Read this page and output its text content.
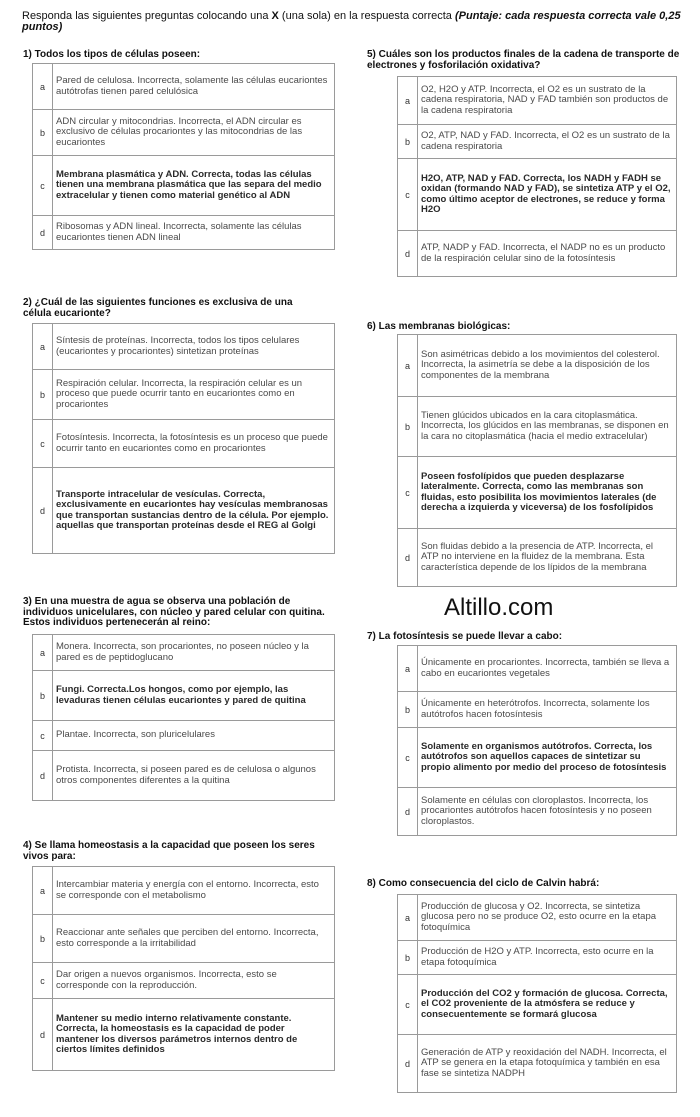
Responda las siguientes preguntas colocando una X (una sola) en la respuesta correcta (Puntaje: cada respuesta correcta vale 0,25 puntos)
1) Todos los tipos de células poseen:
a	Pared de celulosa. Incorrecta, solamente las células eucariontes autótrofas tienen pared celulósica
b	ADN circular y mitocondrias. Incorrecta, el ADN circular es exclusivo de células procariontes y las mitocondrias de las eucariontes
c	Membrana plasmática y ADN. Correcta, todas las células tienen una membrana plasmática que las separa del medio extracelular y tienen como material genético al ADN
d	Ribosomas y ADN lineal. Incorrecta, solamente las células eucariontes tienen ADN lineal
2) ¿Cuál de las siguientes funciones es exclusiva de una célula eucarionte?
a	Síntesis de proteínas. Incorrecta, todos los tipos celulares (eucariontes y procariontes) sintetizan proteínas
b	Respiración celular. Incorrecta, la respiración celular es un proceso que puede ocurrir tanto en eucariontes como en procariontes
c	Fotosíntesis. Incorrecta, la fotosíntesis es un proceso que puede ocurrir tanto en eucariontes como en procariontes
d	Transporte intracelular de vesículas. Correcta, exclusivamente en eucariontes hay vesículas membranosas que transportan sustancias dentro de la célula. Por ejemplo. aquellas que transportan proteínas desde el REG al Golgi
3) En una muestra de agua se observa una población de individuos unicelulares, con núcleo y pared celular con quitina. Estos individuos pertenecerán al reino:
a	Monera. Incorrecta, son procariontes, no poseen núcleo y la pared es de peptidoglucano
b	Fungi. Correcta.Los hongos, como por ejemplo, las levaduras tienen células eucariontes y pared de quitina
c	Plantae. Incorrecta, son pluricelulares
d	Protista. Incorrecta, si poseen pared es de celulosa o algunos otros componentes diferentes a la quitina
4) Se llama homeostasis a la capacidad que poseen los seres vivos para:
a	Intercambiar materia y energía con el entorno. Incorrecta, esto se corresponde con el metabolismo
b	Reaccionar ante señales que perciben del entorno. Incorrecta, esto corresponde a la irritabilidad
c	Dar origen a nuevos organismos. Incorrecta, esto se corresponde con la reproducción.
d	Mantener su medio interno relativamente constante. Correcta, la homeostasis es la capacidad de poder mantener los diversos parámetros internos dentro de ciertos límites definidos
5) Cuáles son los productos finales de la cadena de transporte de electrones y fosforilación oxidativa?
a	O2, H2O y ATP. Incorrecta, el O2 es un sustrato de la cadena respiratoria, NAD y FAD también son productos de la cadena respiratoria
b	O2, ATP, NAD y FAD. Incorrecta, el O2 es un sustrato de la cadena respiratoria
c	H2O, ATP, NAD y FAD. Correcta, los NADH y FADH se oxidan (formando NAD y FAD), se sintetiza ATP y el O2, como último aceptor de electrones, se reduce y forma H2O
d	ATP, NADP y FAD. Incorrecta, el NADP no es un producto de la respiración celular sino de la fotosíntesis
6) Las membranas biológicas:
a	Son asimétricas debido a los movimientos del colesterol. Incorrecta, la asimetría se debe a la disposición de los componentes de la membrana
b	Tienen glúcidos ubicados en la cara citoplasmática. Incorrecta, los glúcidos en las membranas, se disponen en la cara no citoplasmática (hacia el medio extracelular)
c	Poseen fosfolípidos que pueden desplazarse lateralmente. Correcta, como las membranas son fluidas, esto posibilita los movimientos laterales (de derecha a izquierda y viceversa) de los fosfolípidos
d	Son fluidas debido a la presencia de ATP. Incorrecta, el ATP no interviene en la fluidez de la membrana. Esta característica depende de los lípidos de la membrana
Altillo.com
7) La fotosíntesis se puede llevar a cabo:
a	Únicamente en procariontes. Incorrecta, también se lleva a cabo en eucariontes vegetales
b	Únicamente en heterótrofos. Incorrecta, solamente los autótrofos hacen fotosíntesis
c	Solamente en organismos autótrofos. Correcta, los autótrofos son aquellos capaces de sintetizar su propio alimento por medio del proceso de fotosíntesis
d	Solamente en células con cloroplastos. Incorrecta, los procariontes autótrofos hacen fotosíntesis y no poseen cloroplastos.
8) Como consecuencia del ciclo de Calvin habrá:
a	Producción de glucosa y O2. Incorrecta, se sintetiza glucosa pero no se produce O2, esto ocurre en la etapa fotoquímica
b	Producción de H2O y ATP. Incorrecta, esto ocurre en la etapa fotoquímica
c	Producción del CO2 y formación de glucosa. Correcta, el CO2 proveniente de la atmósfera se reduce y consecuentemente se formará glucosa
d	Generación de ATP y reoxidación del NADH. Incorrecta, el ATP se genera en la etapa fotoquímica y también en esa fase se sintetiza NADPH
